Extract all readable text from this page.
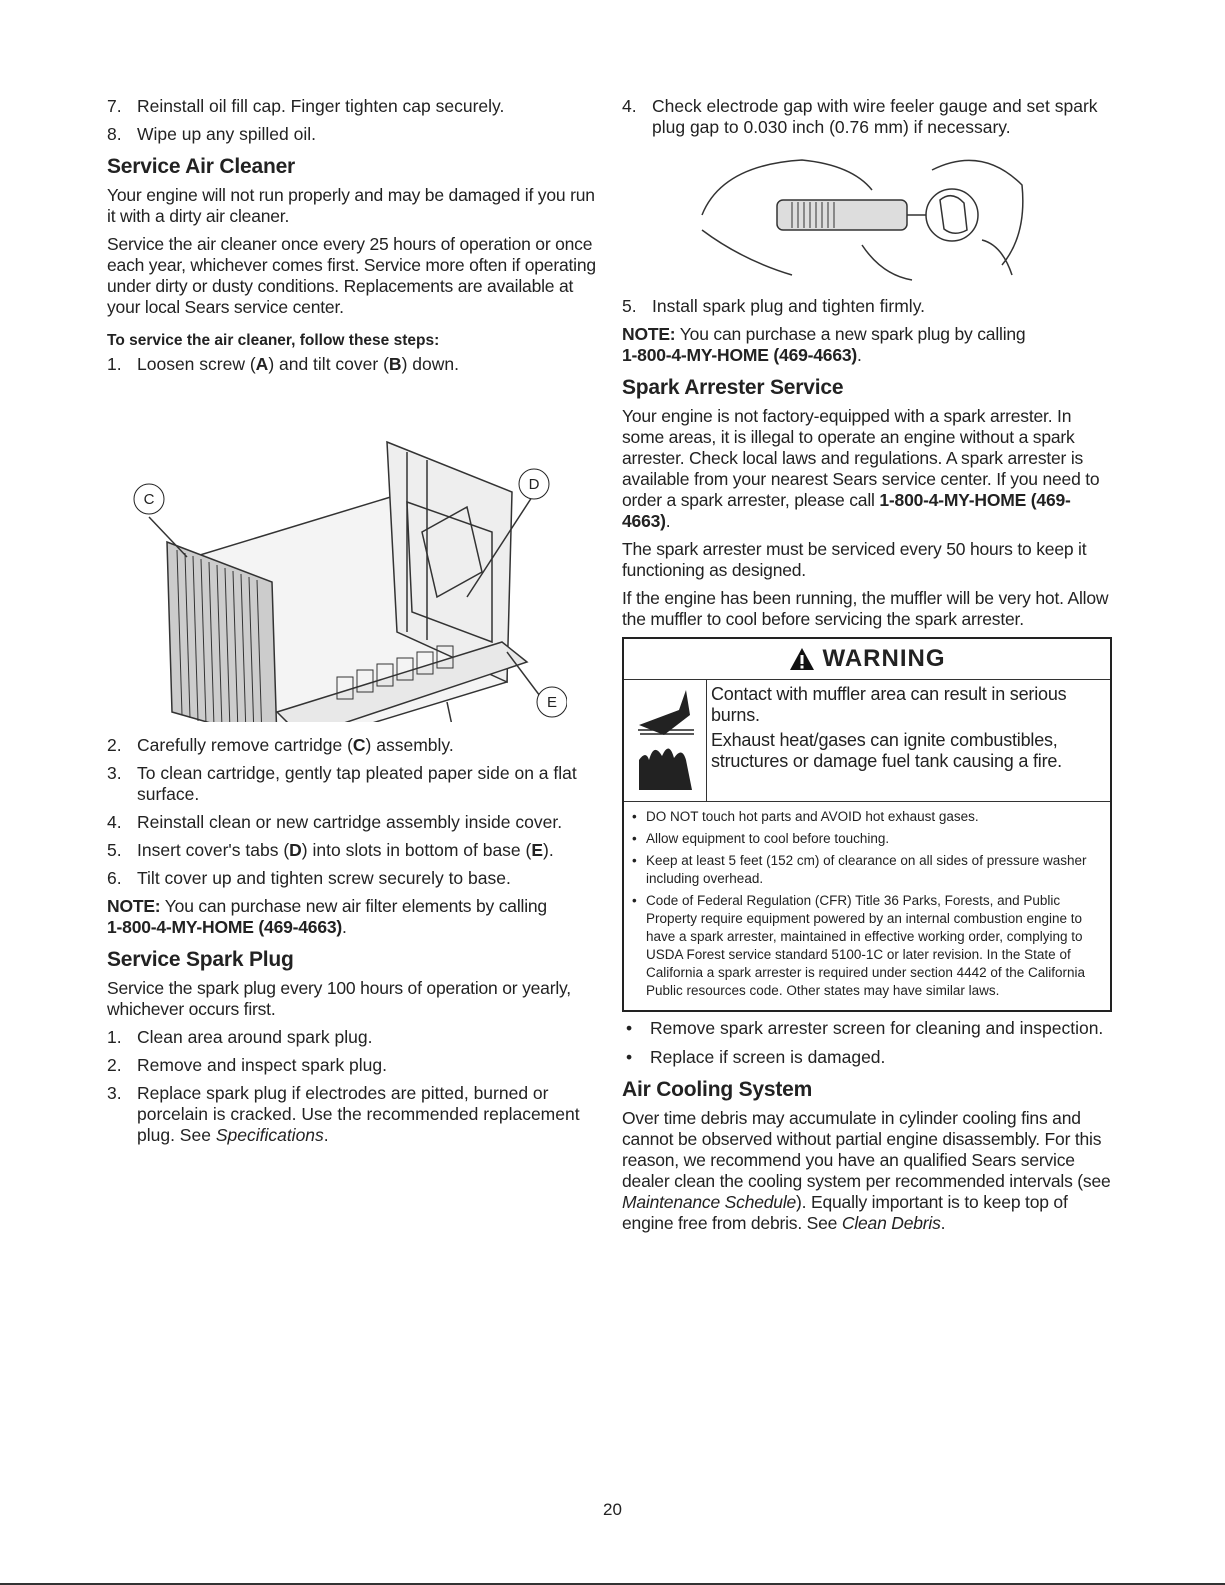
7. Reinstall oil fill cap. Finger tighten cap securely.
8. Wipe up any spilled oil.
Service Air Cleaner

Your engine will not run properly and may be damaged if you run it with a dirty air cleaner.

Service the air cleaner once every 25 hours of operation or once each year, whichever comes first. Service more often if operating under dirty or dusty conditions. Replacements are available at your local Sears service center.

To service the air cleaner, follow these steps:
1. Loosen screw (A) and tilt cover (B) down.
C
D
E
2. Carefully remove cartridge (C) assembly.
3. To clean cartridge, gently tap pleated paper side on a flat surface.
4. Reinstall clean or new cartridge assembly inside cover.
5. Insert cover's tabs (D) into slots in bottom of base (E).
6. Tilt cover up and tighten screw securely to base.

NOTE: You can purchase new air filter elements by calling
1-800-4-MY-HOME (469-4663).

Service Spark Plug

Service the spark plug every 100 hours of operation or yearly, whichever occurs first.

1. Clean area around spark plug.
2. Remove and inspect spark plug.
3. Replace spark plug if electrodes are pitted, burned or porcelain is cracked. Use the recommended replacement plug. See Specifications.
4. Check electrode gap with wire feeler gauge and set spark plug gap to 0.030 inch (0.76 mm) if necessary.
5. Install spark plug and tighten firmly.

NOTE: You can purchase a new spark plug by calling
1-800-4-MY-HOME (469-4663).

Spark Arrester Service

Your engine is not factory-equipped with a spark arrester. In some areas, it is illegal to operate an engine without a spark arrester. Check local laws and regulations. A spark arrester is available from your nearest Sears service center. If you need to order a spark arrester, please call 1-800-4-MY-HOME (469-4663).

The spark arrester must be serviced every 50 hours to keep it functioning as designed.

If the engine has been running, the muffler will be very hot. Allow the muffler to cool before servicing the spark arrester.

WARNING

Contact with muffler area can result in serious burns.

Exhaust heat/gases can ignite combustibles, structures or damage fuel tank causing a fire.

• DO NOT touch hot parts and AVOID hot exhaust gases.
• Allow equipment to cool before touching.
• Keep at least 5 feet (152 cm) of clearance on all sides of pressure washer including overhead.
• Code of Federal Regulation (CFR) Title 36 Parks, Forests, and Public Property require equipment powered by an internal combustion engine to have a spark arrester, maintained in effective working order, complying to USDA Forest service standard 5100-1C or later revision. In the State of California a spark arrester is required under section 4442 of the California Public resources code. Other states may have similar laws.
• Remove spark arrester screen for cleaning and inspection.
• Replace if screen is damaged.
Air Cooling System

Over time debris may accumulate in cylinder cooling fins and cannot be observed without partial engine disassembly. For this reason, we recommend you have an qualified Sears service dealer clean the cooling system per recommended intervals (see Maintenance Schedule). Equally important is to keep top of engine free from debris. See Clean Debris.

20
